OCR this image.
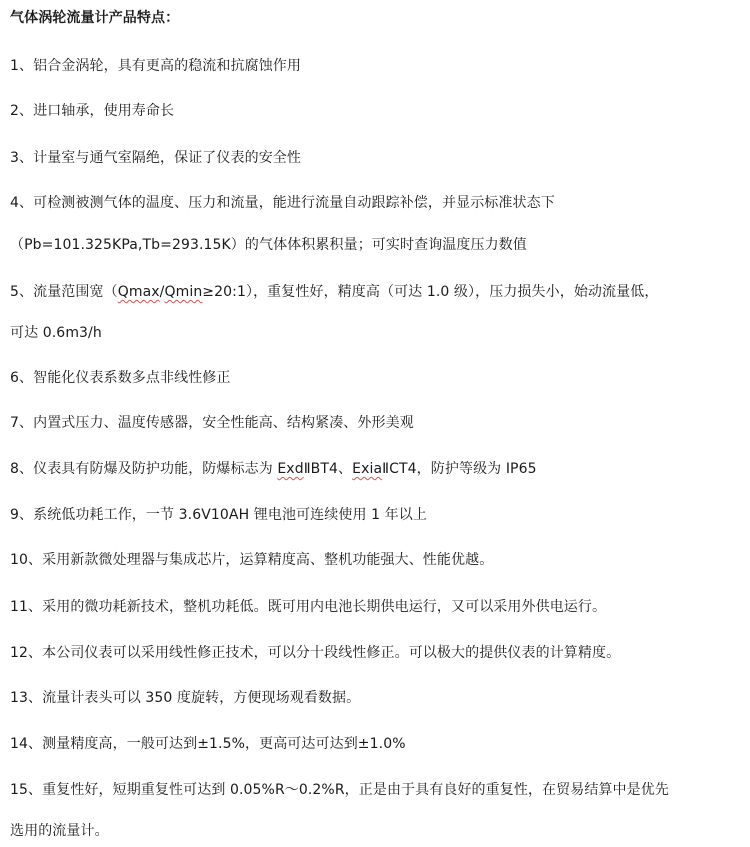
气体涡轮流量计产品特点：
1、铝合金涡轮，具有更高的稳流和抗腐蚀作用
2、进口轴承，使用寿命长
3、计量室与通气室隔绝，保证了仪表的安全性
4、可检测被测气体的温度、压力和流量，能进行流量自动跟踪补偿，并显示标准状态下
（Pb=101.325KPa,Tb=293.15K）的气体体积累积量；可实时查询温度压力数值
5、流量范围宽（Qmax/Qmin≥20:1），重复性好，精度高（可达 1.0 级），压力损失小，始动流量低，
可达 0.6m3/h
6、智能化仪表系数多点非线性修正
7、内置式压力、温度传感器，安全性能高、结构紧凑、外形美观
8、仪表具有防爆及防护功能，防爆标志为 ExdⅡBT4、ExiaⅡCT4，防护等级为 IP65
9、系统低功耗工作，一节 3.6V10AH 锂电池可连续使用 1 年以上
10、采用新款微处理器与集成芯片，运算精度高、整机功能强大、性能优越。
11、采用的微功耗新技术，整机功耗低。既可用内电池长期供电运行，又可以采用外供电运行。
12、本公司仪表可以采用线性修正技术，可以分十段线性修正。可以极大的提供仪表的计算精度。
13、流量计表头可以 350 度旋转，方便现场观看数据。
14、测量精度高，一般可达到±1.5%，更高可达可达到±1.0%
15、重复性好，短期重复性可达到 0.05%R～0.2%R，正是由于具有良好的重复性，在贸易结算中是优先
选用的流量计。
